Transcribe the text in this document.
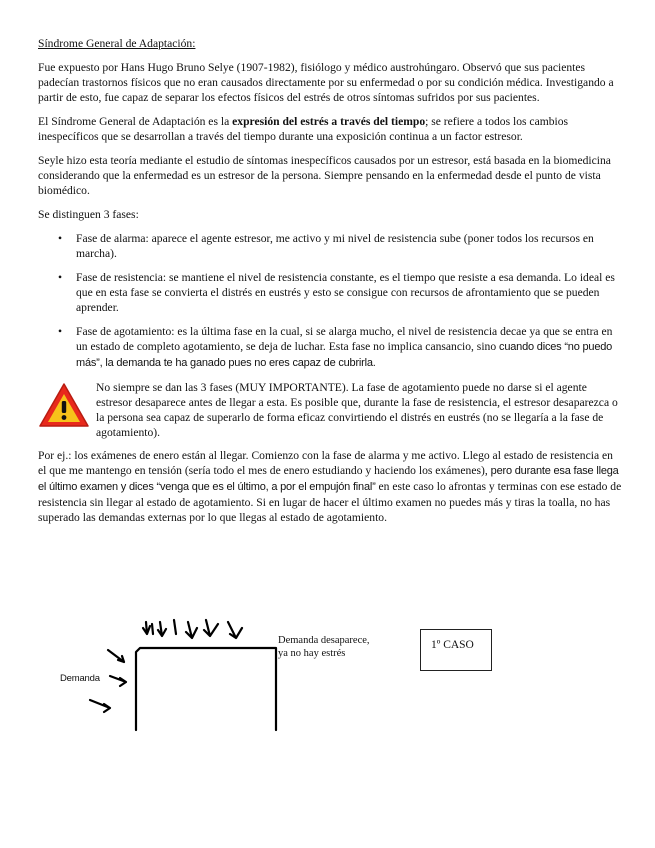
Síndrome General de Adaptación:

Fue expuesto por Hans Hugo Bruno Selye (1907-1982), fisiólogo y médico austrohúngaro. Observó que sus pacientes padecían trastornos físicos que no eran causados directamente por su enfermedad o por su condición médica. Investigando a partir de esto, fue capaz de separar los efectos físicos del estrés de otros síntomas sufridos por sus pacientes.

El Síndrome General de Adaptación es la expresión del estrés a través del tiempo; se refiere a todos los cambios inespecíficos que se desarrollan a través del tiempo durante una exposición continua a un factor estresor.

Seyle hizo esta teoría mediante el estudio de síntomas inespecíficos causados por un estresor, está basada en la biomedicina considerando que la enfermedad es un estresor de la persona. Siempre pensando en la enfermedad desde el punto de vista biomédico.

Se distinguen 3 fases:

• Fase de alarma: aparece el agente estresor, me activo y mi nivel de resistencia sube (poner todos los recursos en marcha).
• Fase de resistencia: se mantiene el nivel de resistencia constante, es el tiempo que resiste a esa demanda. Lo ideal es que en esta fase se convierta el distrés en eustrés y esto se consigue con recursos de afrontamiento que se pueden aprender.
• Fase de agotamiento: es la última fase en la cual, si se alarga mucho, el nivel de resistencia decae ya que se entra en un estado de completo agotamiento, se deja de luchar. Esta fase no implica cansancio, sino cuando dices “no puedo más”, la demanda te ha ganado pues no eres capaz de cubrirla.
No siempre se dan las 3 fases (MUY IMPORTANTE). La fase de agotamiento puede no darse si el agente estresor desaparece antes de llegar a esta. Es posible que, durante la fase de resistencia, el estresor desaparezca o la persona sea capaz de superarlo de forma eficaz convirtiendo el distrés en eustrés (no se llegaría a la fase de agotamiento).

Por ej.: los exámenes de enero están al llegar. Comienzo con la fase de alarma y me activo. Llego al estado de resistencia en el que me mantengo en tensión (sería todo el mes de enero estudiando y haciendo los exámenes), pero durante esa fase llega el último examen y dices “venga que es el último, a por el empujón final” en este caso lo afrontas y terminas con ese estado de resistencia sin llegar al estado de agotamiento. Si en lugar de hacer el último examen no puedes más y tiras la toalla, no has superado las demandas externas por lo que llegas al estado de agotamiento.

Demanda
Demanda desaparece,
ya no hay estrés
1º CASO
